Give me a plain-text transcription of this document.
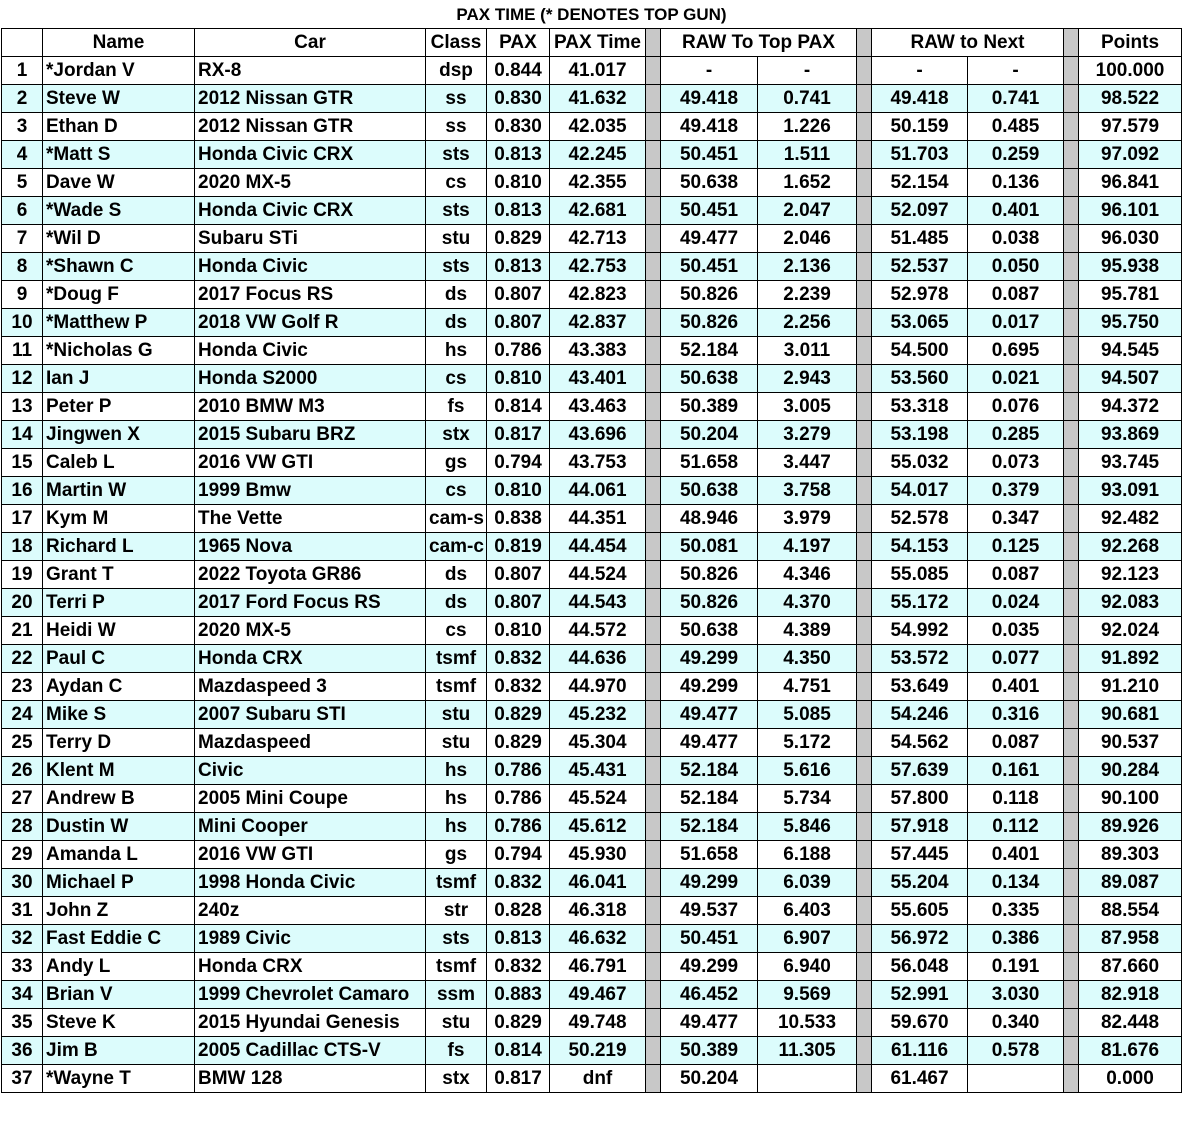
PAX TIME (* DENOTES TOP GUN)
	Name	Car	Class	PAX	PAX Time		RAW To Top PAX			RAW to Next			Points
1	*Jordan V	RX-8	dsp	0.844	41.017		-	-		-	-		100.000
2	Steve W	2012 Nissan GTR	ss	0.830	41.632		49.418	0.741		49.418	0.741		98.522
3	Ethan D	2012 Nissan GTR	ss	0.830	42.035		49.418	1.226		50.159	0.485		97.579
4	*Matt S	Honda Civic CRX	sts	0.813	42.245		50.451	1.511		51.703	0.259		97.092
5	Dave W	2020 MX-5	cs	0.810	42.355		50.638	1.652		52.154	0.136		96.841
6	*Wade S	Honda Civic CRX	sts	0.813	42.681		50.451	2.047		52.097	0.401		96.101
7	*Wil D	Subaru STi	stu	0.829	42.713		49.477	2.046		51.485	0.038		96.030
8	*Shawn C	Honda Civic	sts	0.813	42.753		50.451	2.136		52.537	0.050		95.938
9	*Doug F	2017 Focus RS	ds	0.807	42.823		50.826	2.239		52.978	0.087		95.781
10	*Matthew P	2018 VW Golf R	ds	0.807	42.837		50.826	2.256		53.065	0.017		95.750
11	*Nicholas G	Honda Civic	hs	0.786	43.383		52.184	3.011		54.500	0.695		94.545
12	Ian J	Honda S2000	cs	0.810	43.401		50.638	2.943		53.560	0.021		94.507
13	Peter P	2010 BMW M3	fs	0.814	43.463		50.389	3.005		53.318	0.076		94.372
14	Jingwen X	2015 Subaru BRZ	stx	0.817	43.696		50.204	3.279		53.198	0.285		93.869
15	Caleb L	2016 VW GTI	gs	0.794	43.753		51.658	3.447		55.032	0.073		93.745
16	Martin W	1999 Bmw	cs	0.810	44.061		50.638	3.758		54.017	0.379		93.091
17	Kym M	The Vette	cam-s	0.838	44.351		48.946	3.979		52.578	0.347		92.482
18	Richard L	1965 Nova	cam-c	0.819	44.454		50.081	4.197		54.153	0.125		92.268
19	Grant T	2022 Toyota GR86	ds	0.807	44.524		50.826	4.346		55.085	0.087		92.123
20	Terri P	2017 Ford Focus RS	ds	0.807	44.543		50.826	4.370		55.172	0.024		92.083
21	Heidi W	2020 MX-5	cs	0.810	44.572		50.638	4.389		54.992	0.035		92.024
22	Paul C	Honda CRX	tsmf	0.832	44.636		49.299	4.350		53.572	0.077		91.892
23	Aydan C	Mazdaspeed 3	tsmf	0.832	44.970		49.299	4.751		53.649	0.401		91.210
24	Mike S	2007 Subaru STI	stu	0.829	45.232		49.477	5.085		54.246	0.316		90.681
25	Terry D	Mazdaspeed	stu	0.829	45.304		49.477	5.172		54.562	0.087		90.537
26	Klent M	Civic	hs	0.786	45.431		52.184	5.616		57.639	0.161		90.284
27	Andrew B	2005 Mini Coupe	hs	0.786	45.524		52.184	5.734		57.800	0.118		90.100
28	Dustin W	Mini Cooper	hs	0.786	45.612		52.184	5.846		57.918	0.112		89.926
29	Amanda L	2016 VW GTI	gs	0.794	45.930		51.658	6.188		57.445	0.401		89.303
30	Michael P	1998 Honda Civic	tsmf	0.832	46.041		49.299	6.039		55.204	0.134		89.087
31	John Z	240z	str	0.828	46.318		49.537	6.403		55.605	0.335		88.554
32	Fast Eddie C	1989 Civic	sts	0.813	46.632		50.451	6.907		56.972	0.386		87.958
33	Andy L	Honda CRX	tsmf	0.832	46.791		49.299	6.940		56.048	0.191		87.660
34	Brian V	1999 Chevrolet Camaro	ssm	0.883	49.467		46.452	9.569		52.991	3.030		82.918
35	Steve K	2015 Hyundai Genesis	stu	0.829	49.748		49.477	10.533		59.670	0.340		82.448
36	Jim B	2005 Cadillac CTS-V	fs	0.814	50.219		50.389	11.305		61.116	0.578		81.676
37	*Wayne T	BMW 128	stx	0.817	dnf		50.204			61.467			0.000
